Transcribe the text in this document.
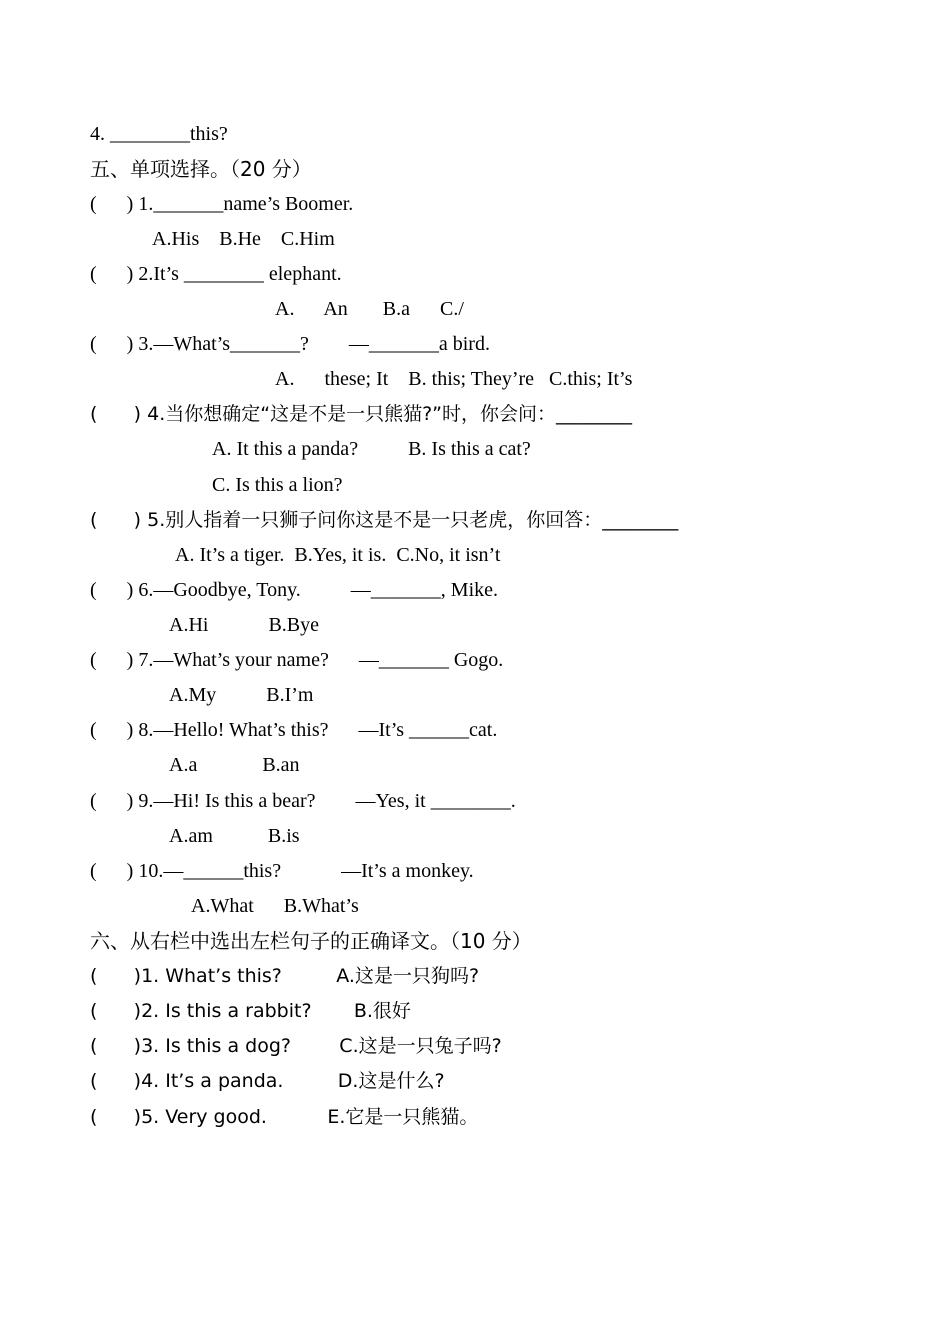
4. ________this?
五、单项选择。（20 分）
(      ) 1._______name’s Boomer.
A.His    B.He    C.Him
(      ) 2.It’s ________ elephant.
A.      An       B.a      C./
(      ) 3.—What’s_______?        —_______a bird.
A.      these; It    B. this; They’re   C.this; It’s
(      ) 4.当你想确定“这是不是一只熊猫?”时，你会问：________
A. It this a panda?          B. Is this a cat?
C. Is this a lion?
(      ) 5.别人指着一只狮子问你这是不是一只老虎，你回答：________
A. It’s a tiger.  B.Yes, it is.  C.No, it isn’t
(      ) 6.—Goodbye, Tony.          —_______, Mike.
A.Hi            B.Bye
(      ) 7.—What’s your name?      —_______ Gogo.
A.My          B.I’m
(      ) 8.—Hello! What’s this?      —It’s ______cat.
A.a             B.an
(      ) 9.—Hi! Is this a bear?        —Yes, it ________.
A.am           B.is
(      ) 10.—______this?            —It’s a monkey.
A.What      B.What’s
六、从右栏中选出左栏句子的正确译文。（10 分）
(      )1. What’s this?         A.这是一只狗吗?
(      )2. Is this a rabbit?       B.很好
(      )3. Is this a dog?        C.这是一只兔子吗?
(      )4. It’s a panda.         D.这是什么?
(      )5. Very good.          E.它是一只熊猫。
